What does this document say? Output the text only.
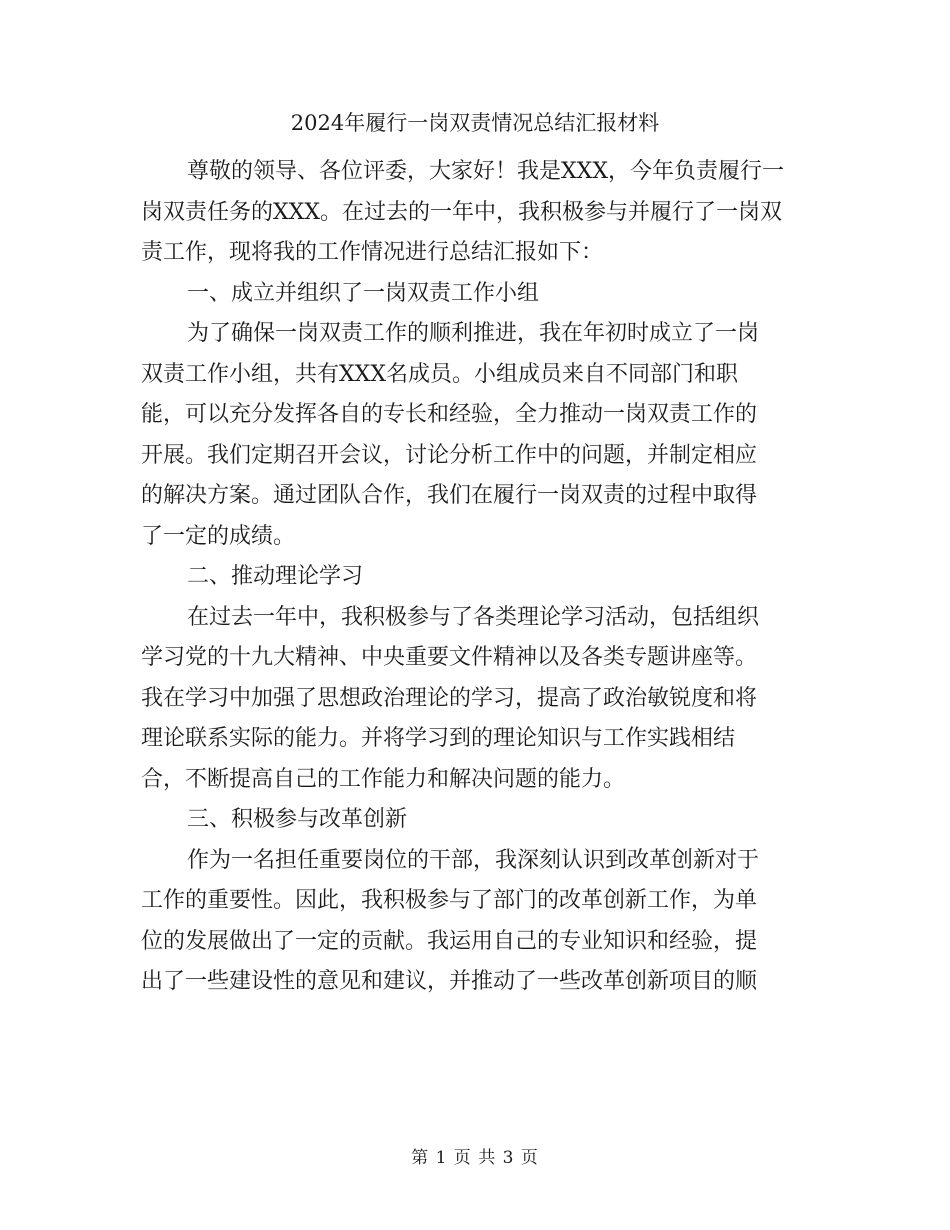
2024年履行一岗双责情况总结汇报材料
尊敬的领导、各位评委，大家好！我是XXX，今年负责履行一
岗双责任务的XXX。在过去的一年中，我积极参与并履行了一岗双
责工作，现将我的工作情况进行总结汇报如下：
一、成立并组织了一岗双责工作小组
为了确保一岗双责工作的顺利推进，我在年初时成立了一岗
双责工作小组，共有XXX名成员。小组成员来自不同部门和职
能，可以充分发挥各自的专长和经验，全力推动一岗双责工作的
开展。我们定期召开会议，讨论分析工作中的问题，并制定相应
的解决方案。通过团队合作，我们在履行一岗双责的过程中取得
了一定的成绩。
二、推动理论学习
在过去一年中，我积极参与了各类理论学习活动，包括组织
学习党的十九大精神、中央重要文件精神以及各类专题讲座等。
我在学习中加强了思想政治理论的学习，提高了政治敏锐度和将
理论联系实际的能力。并将学习到的理论知识与工作实践相结
合，不断提高自己的工作能力和解决问题的能力。
三、积极参与改革创新
作为一名担任重要岗位的干部，我深刻认识到改革创新对于
工作的重要性。因此，我积极参与了部门的改革创新工作，为单
位的发展做出了一定的贡献。我运用自己的专业知识和经验，提
出了一些建设性的意见和建议，并推动了一些改革创新项目的顺
第 1 页 共 3 页
